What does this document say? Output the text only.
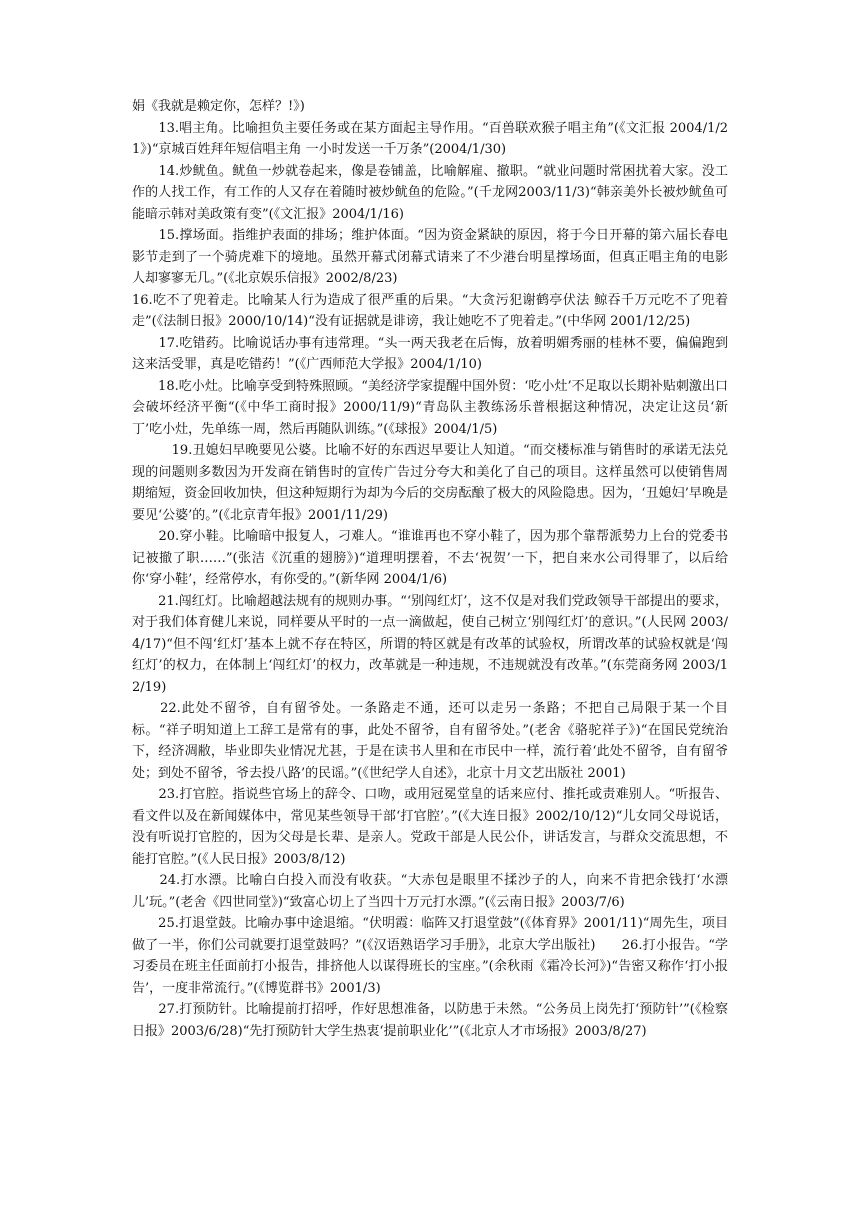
娟《我就是赖定你，怎样？!》)

　　13.唱主角。比喻担负主要任务或在某方面起主导作用。“百兽联欢猴子唱主角”(《文汇报 2004/1/21》)“京城百姓拜年短信唱主角 一小时发送一千万条”(2004/1/30)

　　14.炒鱿鱼。鱿鱼一炒就卷起来，像是卷铺盖，比喻解雇、撤职。“就业问题时常困扰着大家。没工作的人找工作，有工作的人又存在着随时被炒鱿鱼的危险。”(千龙网2003/11/3)“韩亲美外长被炒鱿鱼可能暗示韩对美政策有变”(《文汇报》2004/1/16)

　　15.撑场面。指维护表面的排场；维护体面。“因为资金紧缺的原因，将于今日开幕的第六届长春电影节走到了一个骑虎难下的境地。虽然开幕式闭幕式请来了不少港台明星撑场面，但真正唱主角的电影人却寥寥无几。”(《北京娱乐信报》2002/8/23)

16.吃不了兜着走。比喻某人行为造成了很严重的后果。“大贪污犯谢鹤亭伏法 鲸吞千万元吃不了兜着走”(《法制日报》2000/10/14)“没有证据就是诽谤，我让她吃不了兜着走。”(中华网 2001/12/25)

　　17.吃错药。比喻说话办事有违常理。“头一两天我老在后悔，放着明媚秀丽的桂林不要，偏偏跑到这来活受罪，真是吃错药！”(《广西师范大学报》2004/1/10)

　　18.吃小灶。比喻享受到特殊照顾。“美经济学家提醒中国外贸：‘吃小灶’不足取以长期补贴刺激出口会破坏经济平衡“(《中华工商时报》2000/11/9)“青岛队主教练汤乐普根据这种情况，决定让这员‘新丁’吃小灶，先单练一周，然后再随队训练。”(《球报》2004/1/5)

　　　19.丑媳妇早晚要见公婆。比喻不好的东西迟早要让人知道。“而交楼标准与销售时的承诺无法兑现的问题则多数因为开发商在销售时的宣传广告过分夸大和美化了自己的项目。这样虽然可以使销售周期缩短，资金回收加快，但这种短期行为却为今后的交房酝酿了极大的风险隐患。因为，‘丑媳妇’早晚是要见‘公婆’的。”(《北京青年报》2001/11/29)

　　20.穿小鞋。比喻暗中报复人，刁难人。“谁谁再也不穿小鞋了，因为那个靠帮派势力上台的党委书记被撤了职……”(张洁《沉重的翅膀》)“道理明摆着，不去‘祝贺’一下，把自来水公司得罪了，以后给你‘穿小鞋’，经常停水，有你受的。”(新华网 2004/1/6)

　　21.闯红灯。比喻超越法规有的规则办事。“‘别闯红灯’，这不仅是对我们党政领导干部提出的要求，对于我们体育健儿来说，同样要从平时的一点一滴做起，使自己树立‘别闯红灯’的意识。”(人民网 2003/4/17)“但不闯‘红灯’基本上就不存在特区，所谓的特区就是有改革的试验权，所谓改革的试验权就是‘闯红灯’的权力，在体制上‘闯红灯’的权力，改革就是一种违规，不违规就没有改革。”(东莞商务网 2003/12/19)

　　22.此处不留爷，自有留爷处。一条路走不通，还可以走另一条路；不把自己局限于某一个目标。“祥子明知道上工辞工是常有的事，此处不留爷，自有留爷处。”(老舍《骆驼祥子》)“在国民党统治下，经济凋敝，毕业即失业情况尤甚，于是在读书人里和在市民中一样，流行着‘此处不留爷，自有留爷处；到处不留爷，爷去投八路’的民谣。”(《世纪学人自述》，北京十月文艺出版社 2001)

　　23.打官腔。指说些官场上的辞令、口吻，或用冠冕堂皇的话来应付、推托或责难别人。“听报告、看文件以及在新闻媒体中，常见某些领导干部‘打官腔’。”(《大连日报》2002/10/12)“儿女同父母说话，没有听说打官腔的，因为父母是长辈、是亲人。党政干部是人民公仆，讲话发言，与群众交流思想，不能打官腔。”(《人民日报》2003/8/12)

　　24.打水漂。比喻白白投入而没有收获。“大赤包是眼里不揉沙子的人，向来不肯把余钱打‘水漂儿’玩。”(老舍《四世同堂》)“致富心切上了当四十万元打水漂。”(《云南日报》2003/7/6)

　　25.打退堂鼓。比喻办事中途退缩。“伏明霞：临阵又打退堂鼓”(《体育界》2001/11)“周先生，项目做了一半，你们公司就要打退堂鼓吗？”(《汉语熟语学习手册》，北京大学出版社)　　26.打小报告。“学习委员在班主任面前打小报告，排挤他人以谋得班长的宝座。”(余秋雨《霜冷长河》)“告密又称作‘打小报告’，一度非常流行。”(《博览群书》2001/3)

　　27.打预防针。比喻提前打招呼，作好思想准备，以防患于未然。“公务员上岗先打‘预防针’”(《检察日报》2003/6/28)“先打预防针大学生热衷‘提前职业化’”(《北京人才市场报》2003/8/27)
